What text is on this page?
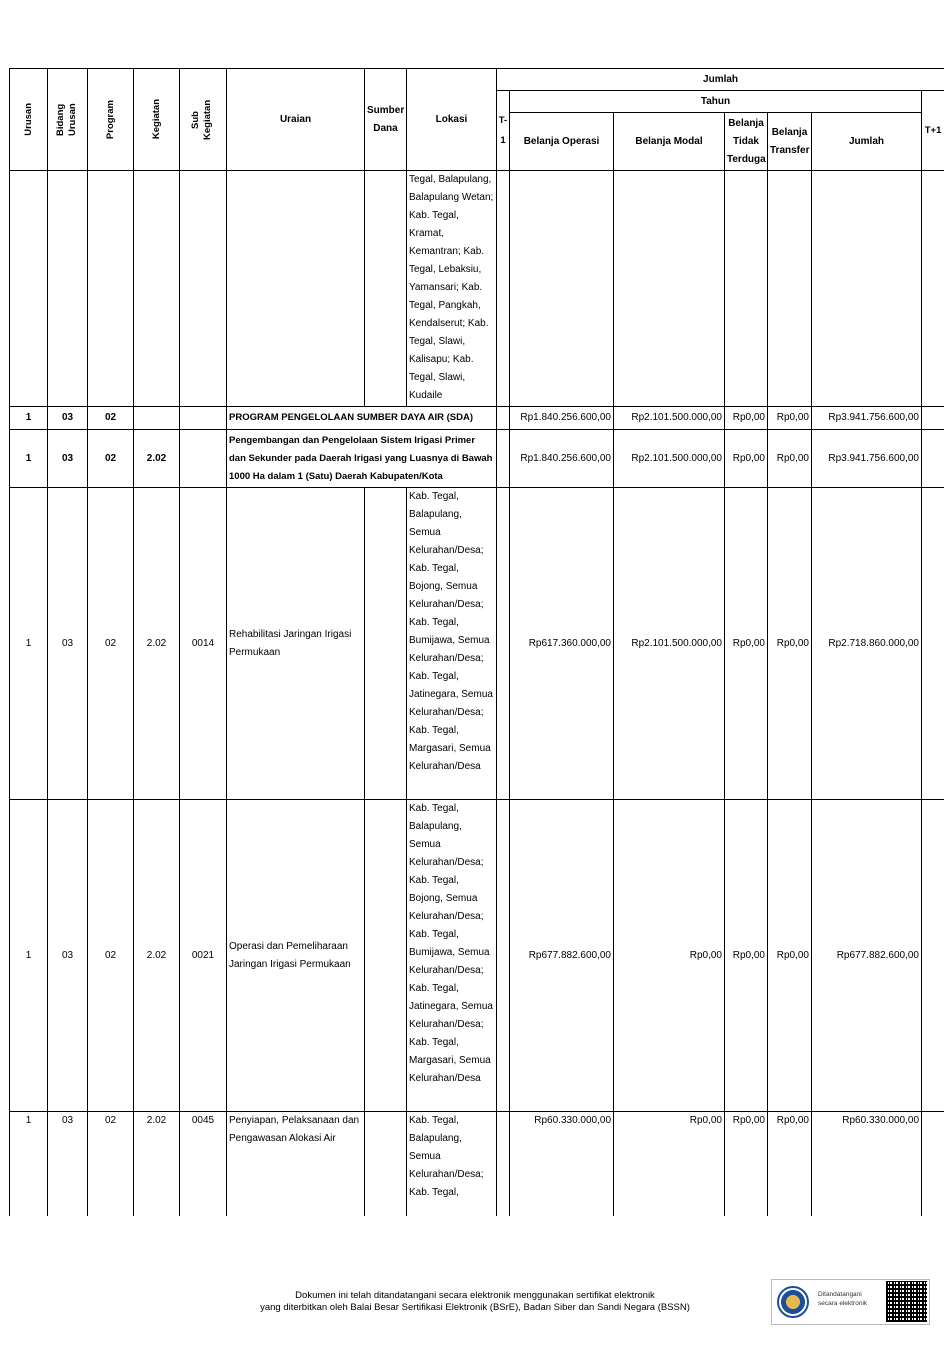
Urusan	Bidang Urusan	Program	Kegiatan	Sub Kegiatan	Uraian	Sumber Dana	Lokasi	Jumlah						
								T-1	Tahun					T+1
									Belanja Operasi	Belanja Modal	Belanja Tidak Terduga	Belanja Transfer	Jumlah	
							Tegal, Balapulang, Balapulang Wetan; Kab. Tegal, Kramat, Kemantran; Kab. Tegal, Lebaksiu, Yamansari; Kab. Tegal, Pangkah, Kendalserut; Kab. Tegal, Slawi, Kalisapu; Kab. Tegal, Slawi, Kudaile							
1	03	02			PROGRAM PENGELOLAAN SUMBER DAYA AIR (SDA)				Rp1.840.256.600,00	Rp2.101.500.000,00	Rp0,00	Rp0,00	Rp3.941.756.600,00	
1	03	02	2.02		Pengembangan dan Pengelolaan Sistem Irigasi Primer dan Sekunder pada Daerah Irigasi yang Luasnya di Bawah 1000 Ha dalam 1 (Satu) Daerah Kabupaten/Kota				Rp1.840.256.600,00	Rp2.101.500.000,00	Rp0,00	Rp0,00	Rp3.941.756.600,00	
1	03	02	2.02	0014	Rehabilitasi Jaringan Irigasi Permukaan		Kab. Tegal, Balapulang, Semua Kelurahan/Desa; Kab. Tegal, Bojong, Semua Kelurahan/Desa; Kab. Tegal, Bumijawa, Semua Kelurahan/Desa; Kab. Tegal, Jatinegara, Semua Kelurahan/Desa; Kab. Tegal, Margasari, Semua Kelurahan/Desa		Rp617.360.000,00	Rp2.101.500.000,00	Rp0,00	Rp0,00	Rp2.718.860.000,00	
1	03	02	2.02	0021	Operasi dan Pemeliharaan Jaringan Irigasi Permukaan		Kab. Tegal, Balapulang, Semua Kelurahan/Desa; Kab. Tegal, Bojong, Semua Kelurahan/Desa; Kab. Tegal, Bumijawa, Semua Kelurahan/Desa; Kab. Tegal, Jatinegara, Semua Kelurahan/Desa; Kab. Tegal, Margasari, Semua Kelurahan/Desa		Rp677.882.600,00	Rp0,00	Rp0,00	Rp0,00	Rp677.882.600,00	
1	03	02	2.02	0045	Penyiapan, Pelaksanaan dan Pengawasan Alokasi Air		Kab. Tegal, Balapulang, Semua Kelurahan/Desa; Kab. Tegal,		Rp60.330.000,00	Rp0,00	Rp0,00	Rp0,00	Rp60.330.000,00	
Dokumen ini telah ditandatangani secara elektronik menggunakan sertifikat elektronik
yang diterbitkan oleh Balai Besar Sertifikasi Elektronik (BSrE), Badan Siber dan Sandi Negara (BSSN)
Ditandatangani secara elektronik
